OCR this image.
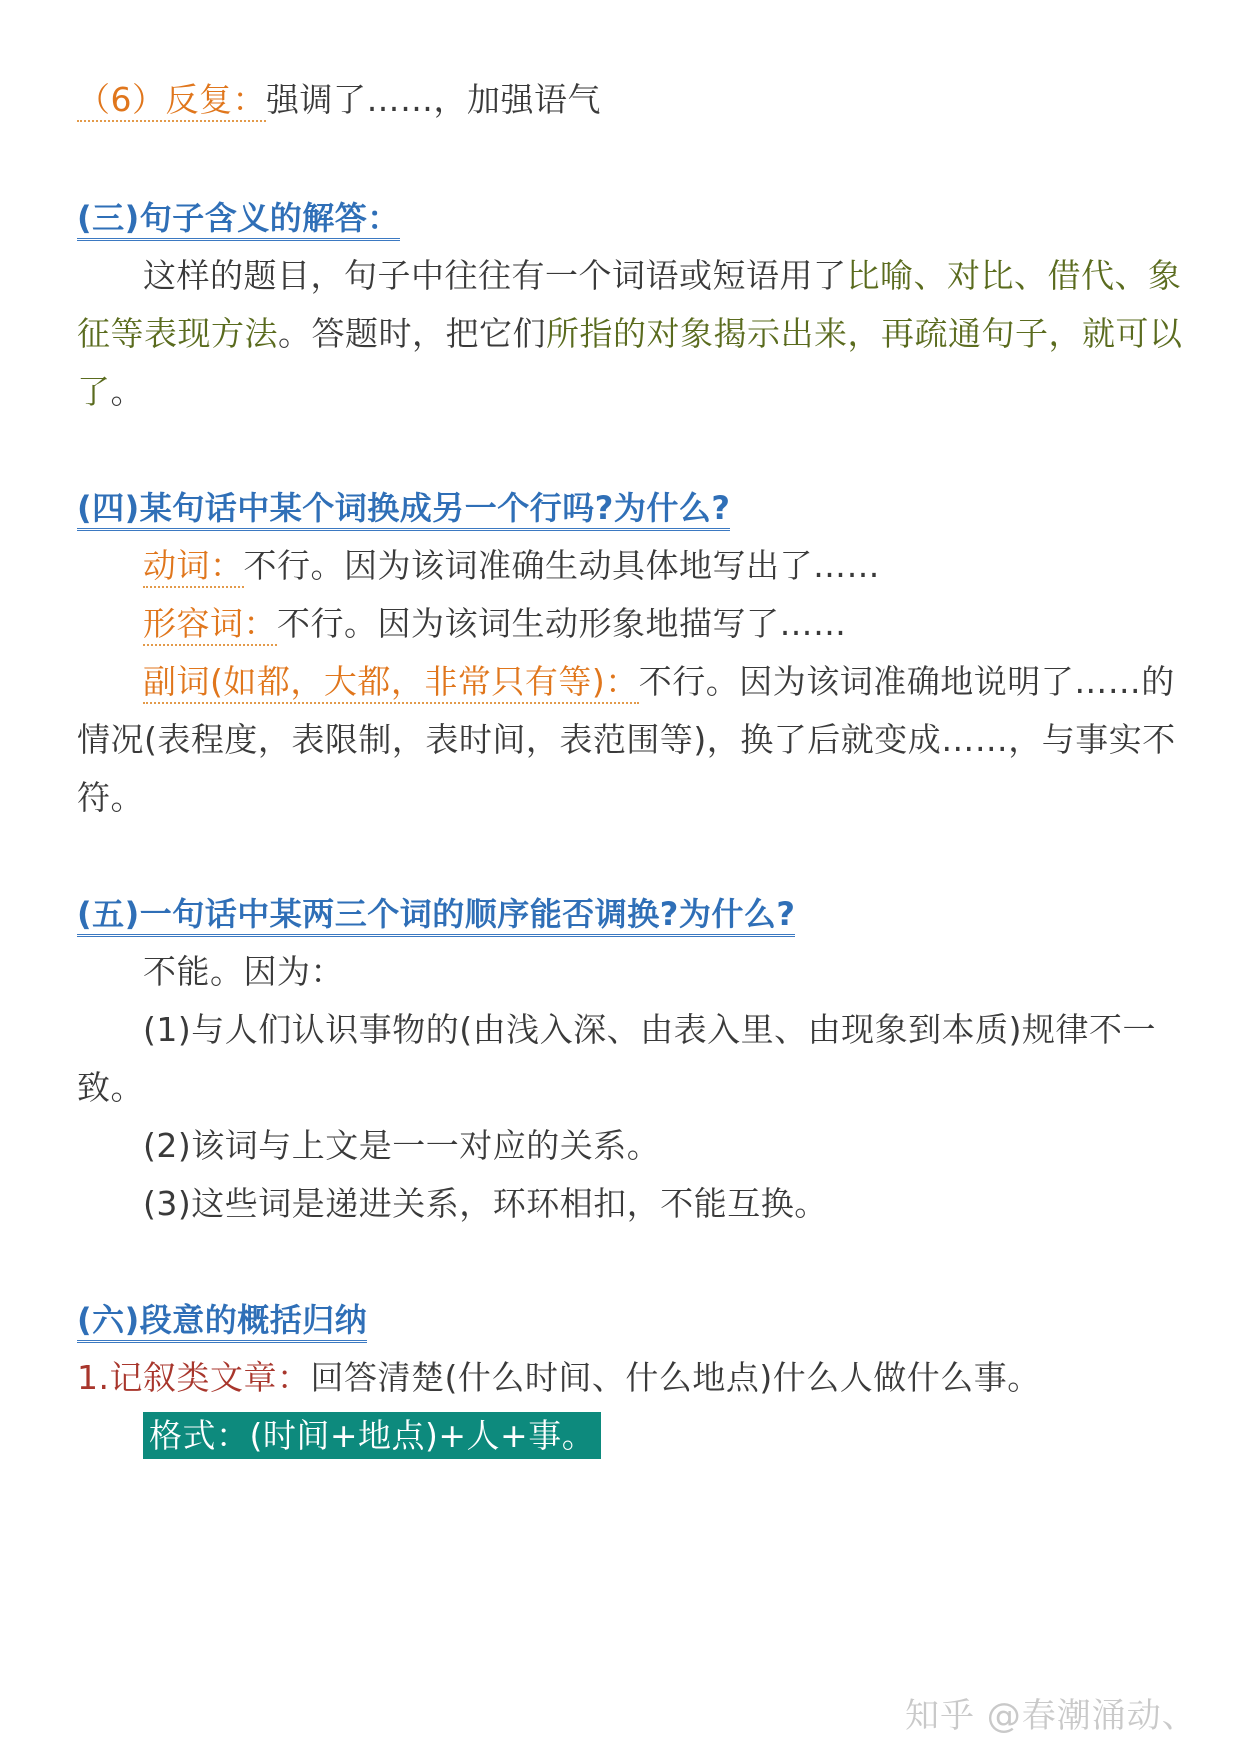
（6）反复：强调了……，加强语气
(三)句子含义的解答：
这样的题目，句子中往往有一个词语或短语用了比喻、对比、借代、象
征等表现方法。答题时，把它们所指的对象揭示出来，再疏通句子，就可以
了。
(四)某句话中某个词换成另一个行吗?为什么?
动词：不行。因为该词准确生动具体地写出了……
形容词：不行。因为该词生动形象地描写了……
副词(如都，大都，非常只有等)：不行。因为该词准确地说明了……的
情况(表程度，表限制，表时间，表范围等)，换了后就变成……，与事实不
符。
(五)一句话中某两三个词的顺序能否调换?为什么?
不能。因为：
(1)与人们认识事物的(由浅入深、由表入里、由现象到本质)规律不一
致。
(2)该词与上文是一一对应的关系。
(3)这些词是递进关系，环环相扣，不能互换。
(六)段意的概括归纳
1.记叙类文章：回答清楚(什么时间、什么地点)什么人做什么事。
格式：(时间+地点)+人+事。
知乎 @春潮涌动、
